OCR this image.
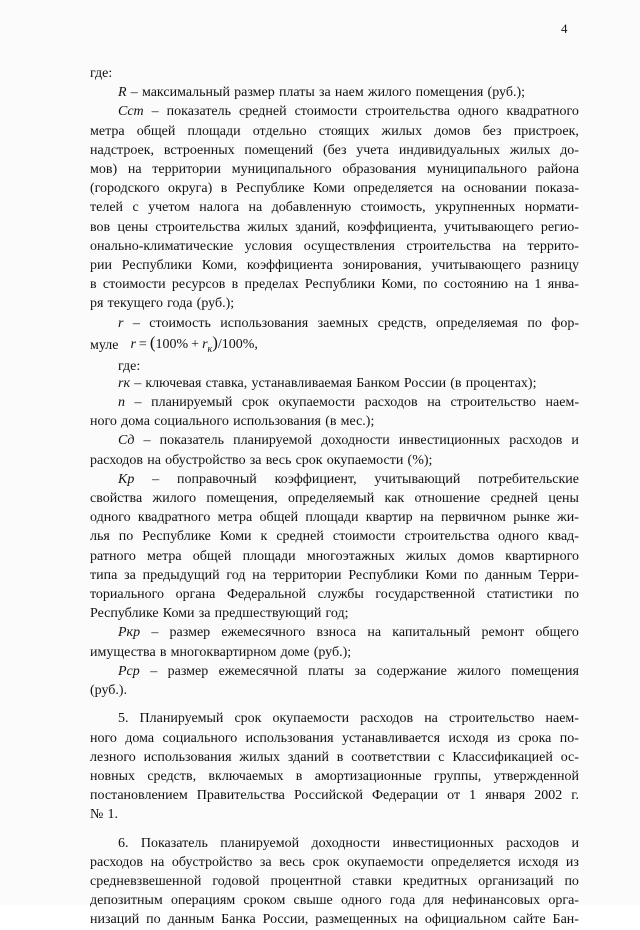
4
где:
R – максимальный размер платы за наем жилого помещения (руб.);
Cст – показатель средней стоимости строительства одного квадратного
метра общей площади отдельно стоящих жилых домов без пристроек,
надстроек, встроенных помещений (без учета индивидуальных жилых до-
мов) на территории муниципального образования муниципального района
(городского округа) в Республике Коми определяется на основании показа-
телей с учетом налога на добавленную стоимость, укрупненных нормати-
вов цены строительства жилых зданий, коэффициента, учитывающего регио-
онально-климатические условия осуществления строительства на террито-
рии Республики Коми, коэффициента зонирования, учитывающего разницу
в стоимости ресурсов в пределах Республики Коми, по состоянию на 1 янва-
ря текущего года (руб.);
r – стоимость использования заемных средств, определяемая по фор-
муле $r = (100\% + r_к)/100\%$,
где:
rк – ключевая ставка, устанавливаемая Банком России (в процентах);
n – планируемый срок окупаемости расходов на строительство наем-
ного дома социального использования (в мес.);
Cд – показатель планируемой доходности инвестиционных расходов и
расходов на обустройство за весь срок окупаемости (%);
Kр – поправочный коэффициент, учитывающий потребительские
свойства жилого помещения, определяемый как отношение средней цены
одного квадратного метра общей площади квартир на первичном рынке жи-
лья по Республике Коми к средней стоимости строительства одного квад-
ратного метра общей площади многоэтажных жилых домов квартирного
типа за предыдущий год на территории Республики Коми по данным Терри-
ториального органа Федеральной службы государственной статистики по
Республике Коми за предшествующий год;
Pкр – размер ежемесячного взноса на капитальный ремонт общего
имущества в многоквартирном доме (руб.);
Pср – размер ежемесячной платы за содержание жилого помещения
(руб.).
5. Планируемый срок окупаемости расходов на строительство наем-
ного дома социального использования устанавливается исходя из срока по-
лезного использования жилых зданий в соответствии с Классификацией ос-
новных средств, включаемых в амортизационные группы, утвержденной
постановлением Правительства Российской Федерации от 1 января 2002 г.
№ 1.
6. Показатель планируемой доходности инвестиционных расходов и
расходов на обустройство за весь срок окупаемости определяется исходя из
средневзвешенной годовой процентной ставки кредитных организаций по
депозитным операциям сроком свыше одного года для нефинансовых орга-
низаций по данным Банка России, размещенных на официальном сайте Бан-
